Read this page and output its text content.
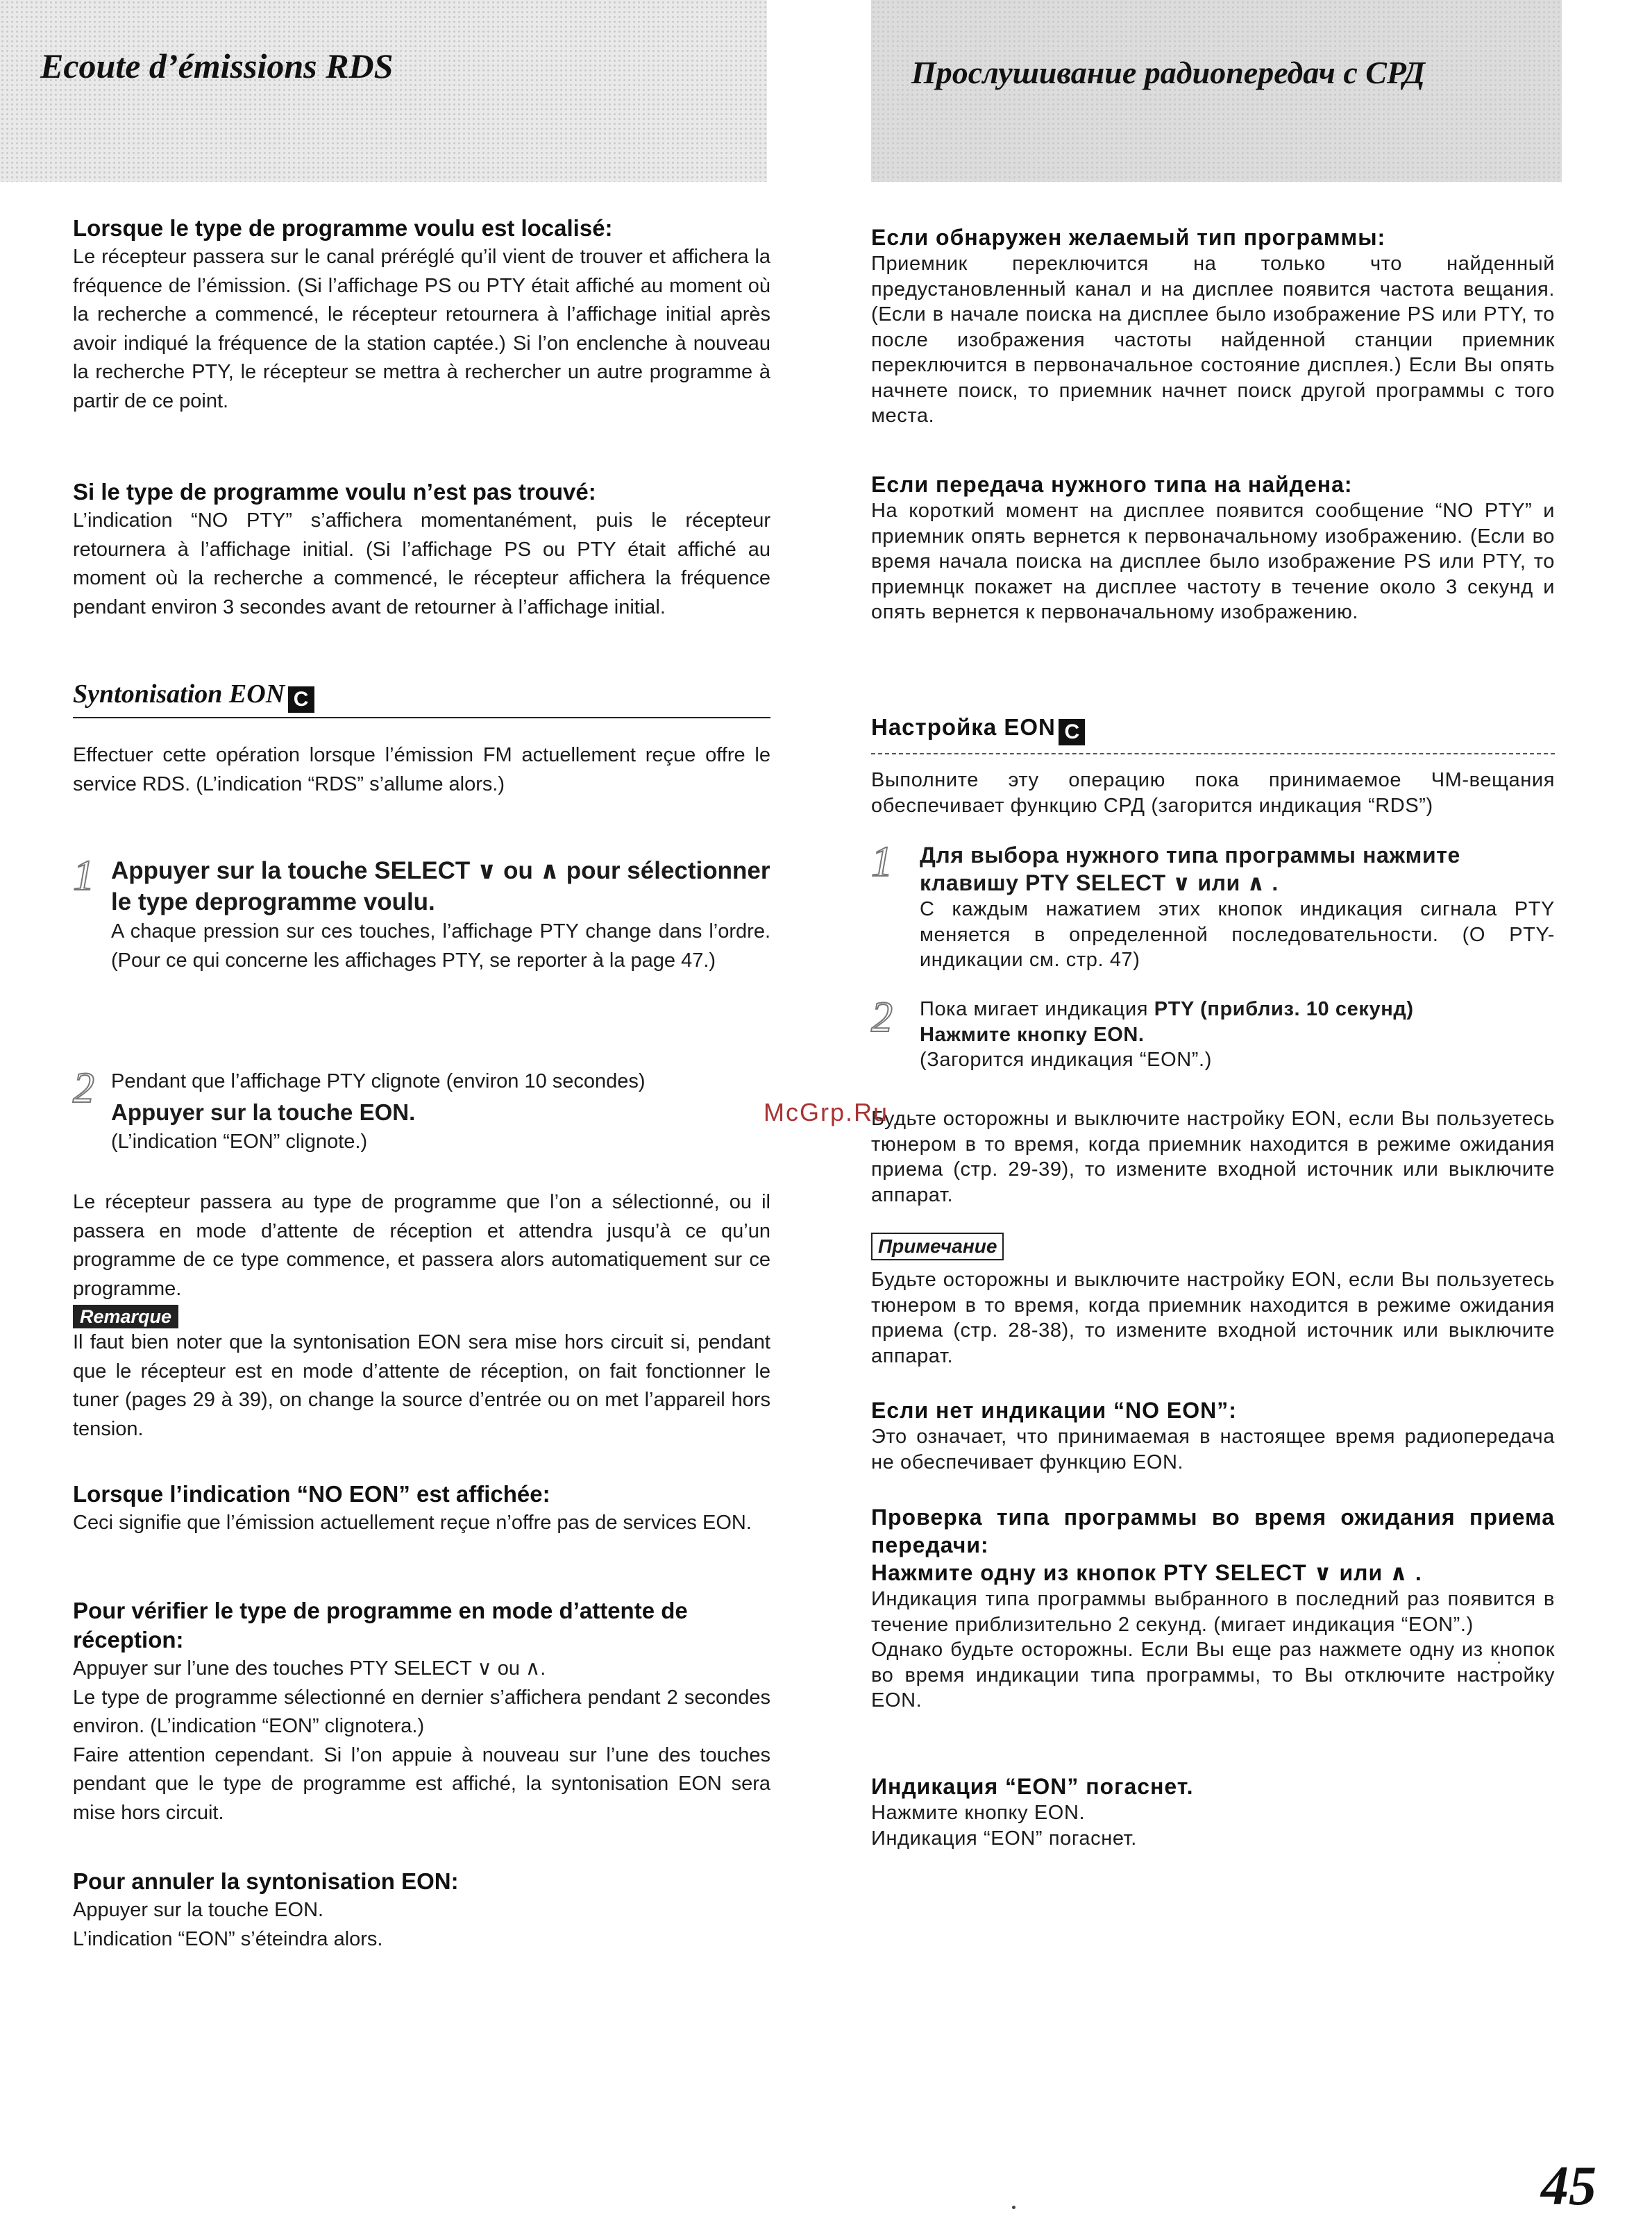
Ecoute d’émissions RDS	Прослушивание радиопередач с СРД

Lorsque le type de programme voulu est localisé:

Le récepteur passera sur le canal préréglé qu’il vient de trouver et affichera la fréquence de l’émission. (Si l’affichage PS ou PTY était affiché au moment où la recherche a commencé, le récepteur retournera à l’affichage initial après avoir indiqué la fréquence de la station captée.) Si l’on enclenche à nouveau la recherche PTY, le récepteur se mettra à rechercher un autre programme à partir de ce point.

Si le type de programme voulu n’est pas trouvé:

L’indication “NO PTY” s’affichera momentanément, puis le récepteur retournera à l’affichage initial. (Si l’affichage PS ou PTY était affiché au moment où la recherche a commencé, le récepteur affichera la fréquence pendant environ 3 secondes avant de retourner à l’affichage initial.

Syntonisation EON C

Effectuer cette opération lorsque l’émission FM actuellement reçue offre le service RDS. (L’indication “RDS” s’allume alors.)

1 Appuyer sur la touche SELECT ∨ ou ∧ pour sélectionner le type deprogramme voulu.

A chaque pression sur ces touches, l’affichage PTY change dans l’ordre. (Pour ce qui concerne les affichages PTY, se reporter à la page 47.)

2 Pendant que l’affichage PTY clignote (environ 10 secondes)

Appuyer sur la touche EON.

(L’indication “EON” clignote.)

Le récepteur passera au type de programme que l’on a sélectionné, ou il passera en mode d’attente de réception et attendra jusqu’à ce qu’un programme de ce type commence, et passera alors automatiquement sur ce programme.

Remarque

Il faut bien noter que la syntonisation EON sera mise hors circuit si, pendant que le récepteur est en mode d’attente de réception, on fait fonctionner le tuner (pages 29 à 39), on change la source d’entrée ou on met l’appareil hors tension.

Lorsque l’indication “NO EON” est affichée:

Ceci signifie que l’émission actuellement reçue n’offre pas de services EON.

Pour vérifier le type de programme en mode d’attente de réception:

Appuyer sur l’une des touches PTY SELECT ∨ ou ∧.

Le type de programme sélectionné en dernier s’affichera pendant 2 secondes environ. (L’indication “EON” clignotera.)

Faire attention cependant. Si l’on appuie à nouveau sur l’une des touches pendant que le type de programme est affiché, la syntonisation EON sera mise hors circuit.

Pour annuler la syntonisation EON:

Appuyer sur la touche EON.

L’indication “EON” s’éteindra alors.

Если обнаружен желаемый тип программы:

Приемник переключится на только что найденный предустановленный канал и на дисплее появится частота вещания. (Если в начале поиска на дисплее было изображение PS или PTY, то после изображения частоты найденной станции приемник переключится в первоначальное состояние дисплея.) Если Вы опять начнете поиск, то приемник начнет поиск другой программы с того места.

Если передача нужного типа на найдена:

На короткий момент на дисплее появится сообщение “NO PTY” и приемник опять вернется к первоначальному изображению. (Если во время начала поиска на дисплее было изображение PS или PTY, то приемнцк покажет на дисплее частоту в течение около 3 секунд и опять вернется к первоначальному изображению.

Настройка EON C

Выполните эту операцию пока принимаемое ЧМ-вещания обеспечивает функцию СРД (загорится индикация “RDS”)

1 Для выбора нужного типа программы нажмите клавишу PTY SELECT ∨ или ∧ .

С каждым нажатием этих кнопок индикация сигнала PTY меняется в определенной последовательности. (О PTY-индикации см. стр. 47)

2	Пока мигает индикация PTY (приблиз. 10 секунд)

Нажмите кнопку EON.

(Загорится индикация “EON”.)

Будьте осторожны и выключите настройку EON, если Вы пользуетесь тюнером в то время, когда приемник находится в режиме ожидания приема (стр. 29-39), то измените входной источник или выключите аппарат.

Примечание

Будьте осторожны и выключите настройку EON, если Вы пользуетесь тюнером в то время, когда приемник находится в режиме ожидания приема (стр. 28-38), то измените входной источник или выключите аппарат.

Если нет индикации “NO EON”:

Это означает, что принимаемая в настоящее время радиопередача не обеспечивает функцию EON.

Проверка типа программы во время ожидания приема передачи:

Нажмите одну из кнопок PTY SELECT ∨ или ∧ .

Индикация типа программы выбранного в последний раз появится в течение приблизительно 2 секунд. (мигает индикация “EON”.)

Однако будьте осторожны. Если Вы еще раз нажмете одну из кнопок во время индикации типа программы, то Вы отключите настройку EON.

Индикация “EON” погаснет.

Нажмите кнопку EON.

Индикация “EON” погаснет.

McGrp.Ru
45
